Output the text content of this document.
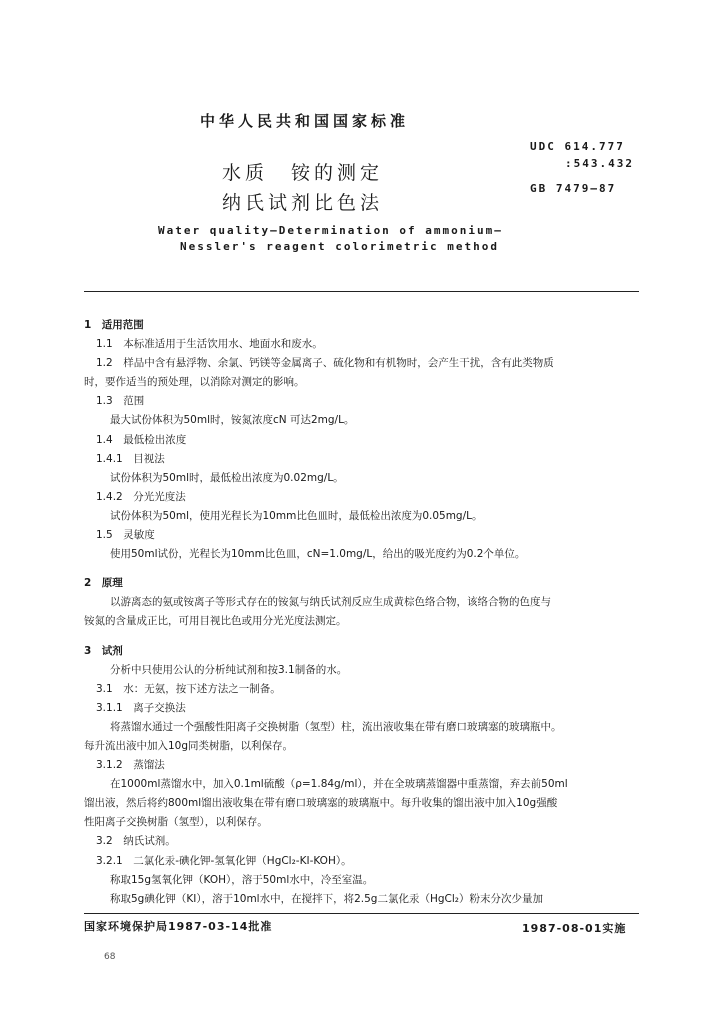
中华人民共和国国家标准
UDC 614.777
:543.432
GB 7479—87
水质　铵的测定
纳氏试剂比色法
Water quality—Determination of ammonium—
Nessler's reagent colorimetric method
1　适用范围
1.1　本标准适用于生活饮用水、地面水和废水。
1.2　样品中含有悬浮物、余氯、钙镁等金属离子、硫化物和有机物时，会产生干扰，含有此类物质
时，要作适当的预处理，以消除对测定的影响。
1.3　范围
最大试份体积为50ml时，铵氮浓度cN 可达2mg/L。
1.4　最低检出浓度
1.4.1　目视法
试份体积为50ml时，最低检出浓度为0.02mg/L。
1.4.2　分光光度法
试份体积为50ml，使用光程长为10mm比色皿时，最低检出浓度为0.05mg/L。
1.5　灵敏度
使用50ml试份，光程长为10mm比色皿，cN=1.0mg/L，给出的吸光度约为0.2个单位。
2　原理
以游离态的氨或铵离子等形式存在的铵氮与纳氏试剂反应生成黄棕色络合物，该络合物的色度与
铵氮的含量成正比，可用目视比色或用分光光度法测定。
3　试剂
分析中只使用公认的分析纯试剂和按3.1制备的水。
3.1　水：无氨，按下述方法之一制备。
3.1.1　离子交换法
将蒸馏水通过一个强酸性阳离子交换树脂（氢型）柱，流出液收集在带有磨口玻璃塞的玻璃瓶中。
每升流出液中加入10g同类树脂，以利保存。
3.1.2　蒸馏法
在1000ml蒸馏水中，加入0.1ml硫酸（ρ=1.84g/ml），并在全玻璃蒸馏器中重蒸馏，弃去前50ml
馏出液，然后将约800ml馏出液收集在带有磨口玻璃塞的玻璃瓶中。每升收集的馏出液中加入10g强酸
性阳离子交换树脂（氢型），以利保存。
3.2　纳氏试剂。
3.2.1　二氯化汞-碘化钾-氢氧化钾（HgCl₂-KI-KOH）。
称取15g氢氧化钾（KOH），溶于50ml水中，冷至室温。
称取5g碘化钾（KI），溶于10ml水中，在搅拌下，将2.5g二氯化汞（HgCl₂）粉末分次少量加
国家环境保护局1987-03-14批准	1987-08-01实施
68
